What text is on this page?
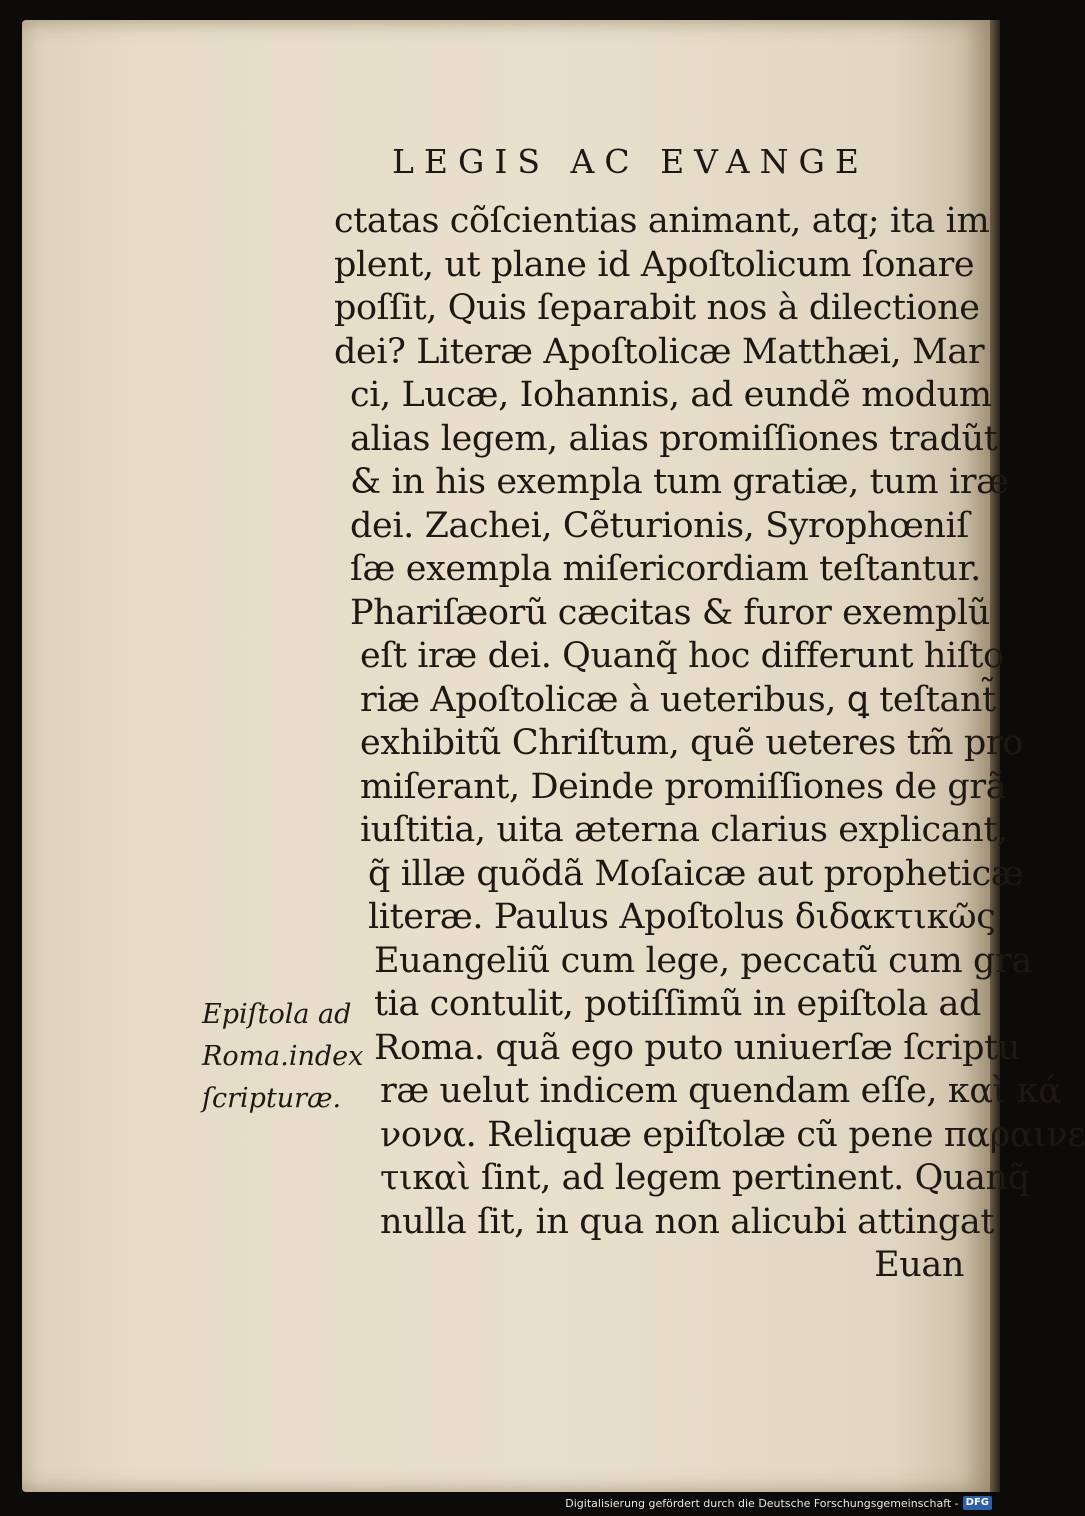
LEGIS AC EVANGE
ctatas cõſcientias animant, atq; ita im
plent, ut plane id Apoſtolicum ſonare
poſſit, Quis ſeparabit nos à dilectione
dei? Literæ Apoſtolicæ Matthæi, Mar
ci, Lucæ, Iohannis, ad eundẽ modum
alias legem, alias promiſſiones tradũt
& in his exempla tum gratiæ, tum iræ
dei. Zachei, Cẽturionis, Syrophœniſ
ſæ exempla miſericordiam teſtantur.
Phariſæorũ cæcitas & furor exemplũ
eſt iræ dei. Quanq̃ hoc differunt hiſto
riæ Apoſtolicæ à ueteribus, ꝗ teſtant̃
exhibitũ Chriſtum, quẽ ueteres tm̃ pro
miſerant, Deinde promiſſiones de grã
iuſtitia, uita æterna clarius explicant,
q̃ illæ quõdã Moſaicæ aut propheticæ
literæ. Paulus Apoſtolus διδακτικῶς
Euangeliũ cum lege, peccatũ cum gra
tia contulit, potiſſimũ in epiſtola ad
Roma. quã ego puto uniuerſæ ſcriptu
ræ uelut indicem quendam eſſe, καὶ κά
νονα. Reliquæ epiſtolæ cũ pene παραινε
τικαὶ ſint, ad legem pertinent. Quanq̃
nulla ſit, in qua non alicubi attingat
Euan
Epiſtola ad
Roma.index
ſcripturæ.
Digitalisierung gefördert durch die Deutsche Forschungsgemeinschaft - DFG
